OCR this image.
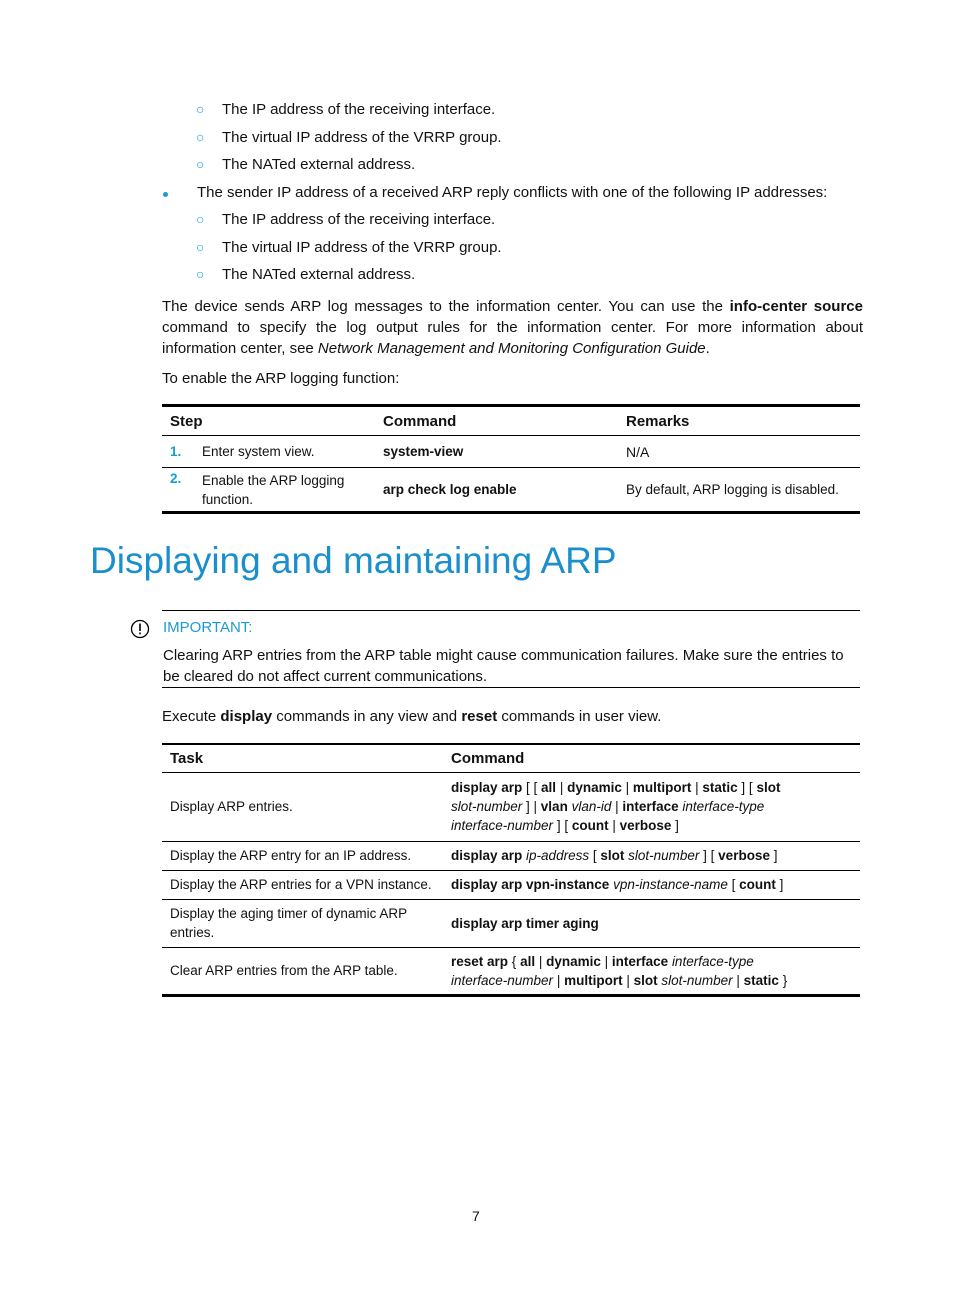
○ The IP address of the receiving interface.
○ The virtual IP address of the VRRP group.
○ The NATed external address.
The sender IP address of a received ARP reply conflicts with one of the following IP addresses:
○ The IP address of the receiving interface.
○ The virtual IP address of the VRRP group.
○ The NATed external address.
The device sends ARP log messages to the information center. You can use the info-center source command to specify the log output rules for the information center. For more information about information center, see Network Management and Monitoring Configuration Guide.
To enable the ARP logging function:
Step	Command	Remarks

1. Enter system view.	system-view	N/A

2. Enable the ARP logging function.	arp check log enable	By default, ARP logging is disabled.
Displaying and maintaining ARP
IMPORTANT:
Clearing ARP entries from the ARP table might cause communication failures. Make sure the entries to be cleared do not affect current communications.
Execute display commands in any view and reset commands in user view.
Task	Command
Display ARP entries.	display arp [ [ all | dynamic | multiport | static ] [ slot
slot-number ] | vlan vlan-id | interface interface-type
interface-number ] [ count | verbose ]
Display the ARP entry for an IP address.	display arp ip-address [ slot slot-number ] [ verbose ]
Display the ARP entries for a VPN instance.	display arp vpn-instance vpn-instance-name [ count ]
Display the aging timer of dynamic ARP entries.	display arp timer aging
Clear ARP entries from the ARP table.	reset arp { all | dynamic | interface interface-type
interface-number | multiport | slot slot-number | static }
7
